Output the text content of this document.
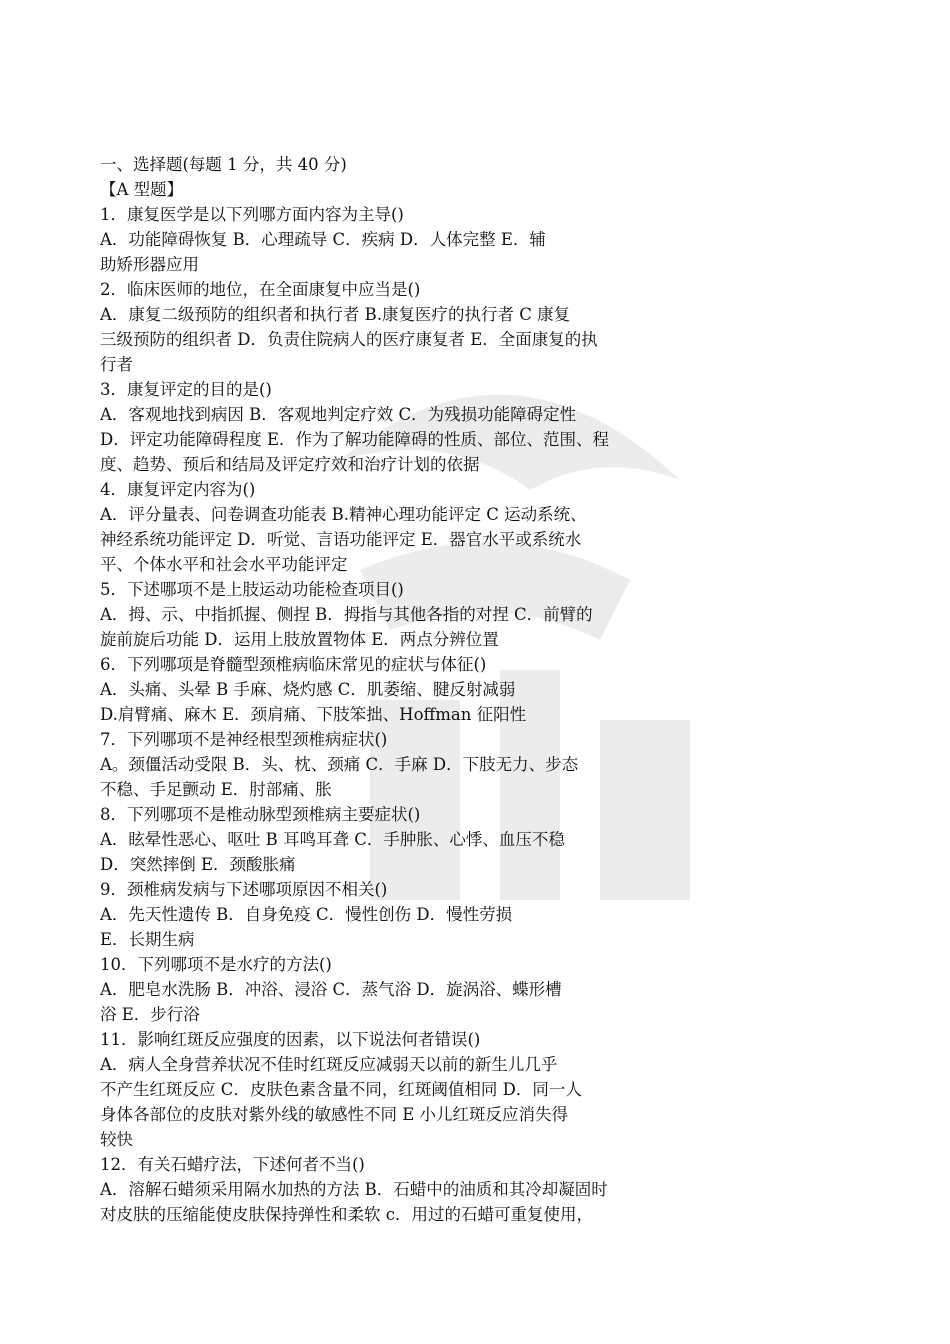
一、选择题(每题 1 分，共 40 分)
【A 型题】
1．康复医学是以下列哪方面内容为主导()
A．功能障碍恢复 B．心理疏导 C．疾病 D．人体完整 E．辅
助矫形器应用
2．临床医师的地位，在全面康复中应当是()
A．康复二级预防的组织者和执行者 B.康复医疗的执行者 C 康复
三级预防的组织者 D．负责住院病人的医疗康复者 E．全面康复的执
行者
3．康复评定的目的是()
A．客观地找到病因 B．客观地判定疗效 C．为残损功能障碍定性
D．评定功能障碍程度 E．作为了解功能障碍的性质、部位、范围、程
度、趋势、预后和结局及评定疗效和治疗计划的依据
4．康复评定内容为()
A．评分量表、问卷调查功能表 B.精神心理功能评定 C 运动系统、
神经系统功能评定 D．听觉、言语功能评定 E．器官水平或系统水
平、个体水平和社会水平功能评定
5．下述哪项不是上肢运动功能检查项目()
A．拇、示、中指抓握、侧捏 B．拇指与其他各指的对捏 C．前臂的
旋前旋后功能 D．运用上肢放置物体 E．两点分辨位置
6．下列哪项是脊髓型颈椎病临床常见的症状与体征()
A．头痛、头晕 B 手麻、烧灼感 C．肌萎缩、腱反射减弱
D.肩臂痛、麻木 E．颈肩痛、下肢笨拙、Hoffman 征阳性
7．下列哪项不是神经根型颈椎病症状()
A。颈僵活动受限 B．头、枕、颈痛 C．手麻 D．下肢无力、步态
不稳、手足颤动 E．肘部痛、胀
8．下列哪项不是椎动脉型颈椎病主要症状()
A．眩晕性恶心、呕吐 B 耳鸣耳聋 C．手肿胀、心悸、血压不稳
D．突然摔倒 E．颈酸胀痛
9．颈椎病发病与下述哪项原因不相关()
A．先天性遗传 B．自身免疫 C．慢性创伤 D．慢性劳损
E．长期生病
10．下列哪项不是水疗的方法()
A．肥皂水洗肠 B．冲浴、浸浴 C．蒸气浴 D．旋涡浴、蝶形槽
浴 E．步行浴
11．影响红斑反应强度的因素，以下说法何者错误()
A．病人全身营养状况不佳时红斑反应减弱天以前的新生儿几乎
不产生红斑反应 C．皮肤色素含量不同，红斑阈值相同 D．同一人
身体各部位的皮肤对紫外线的敏感性不同 E 小儿红斑反应消失得
较快
12．有关石蜡疗法，下述何者不当()
A．溶解石蜡须采用隔水加热的方法 B．石蜡中的油质和其冷却凝固时
对皮肤的压缩能使皮肤保持弹性和柔软 c．用过的石蜡可重复使用，
